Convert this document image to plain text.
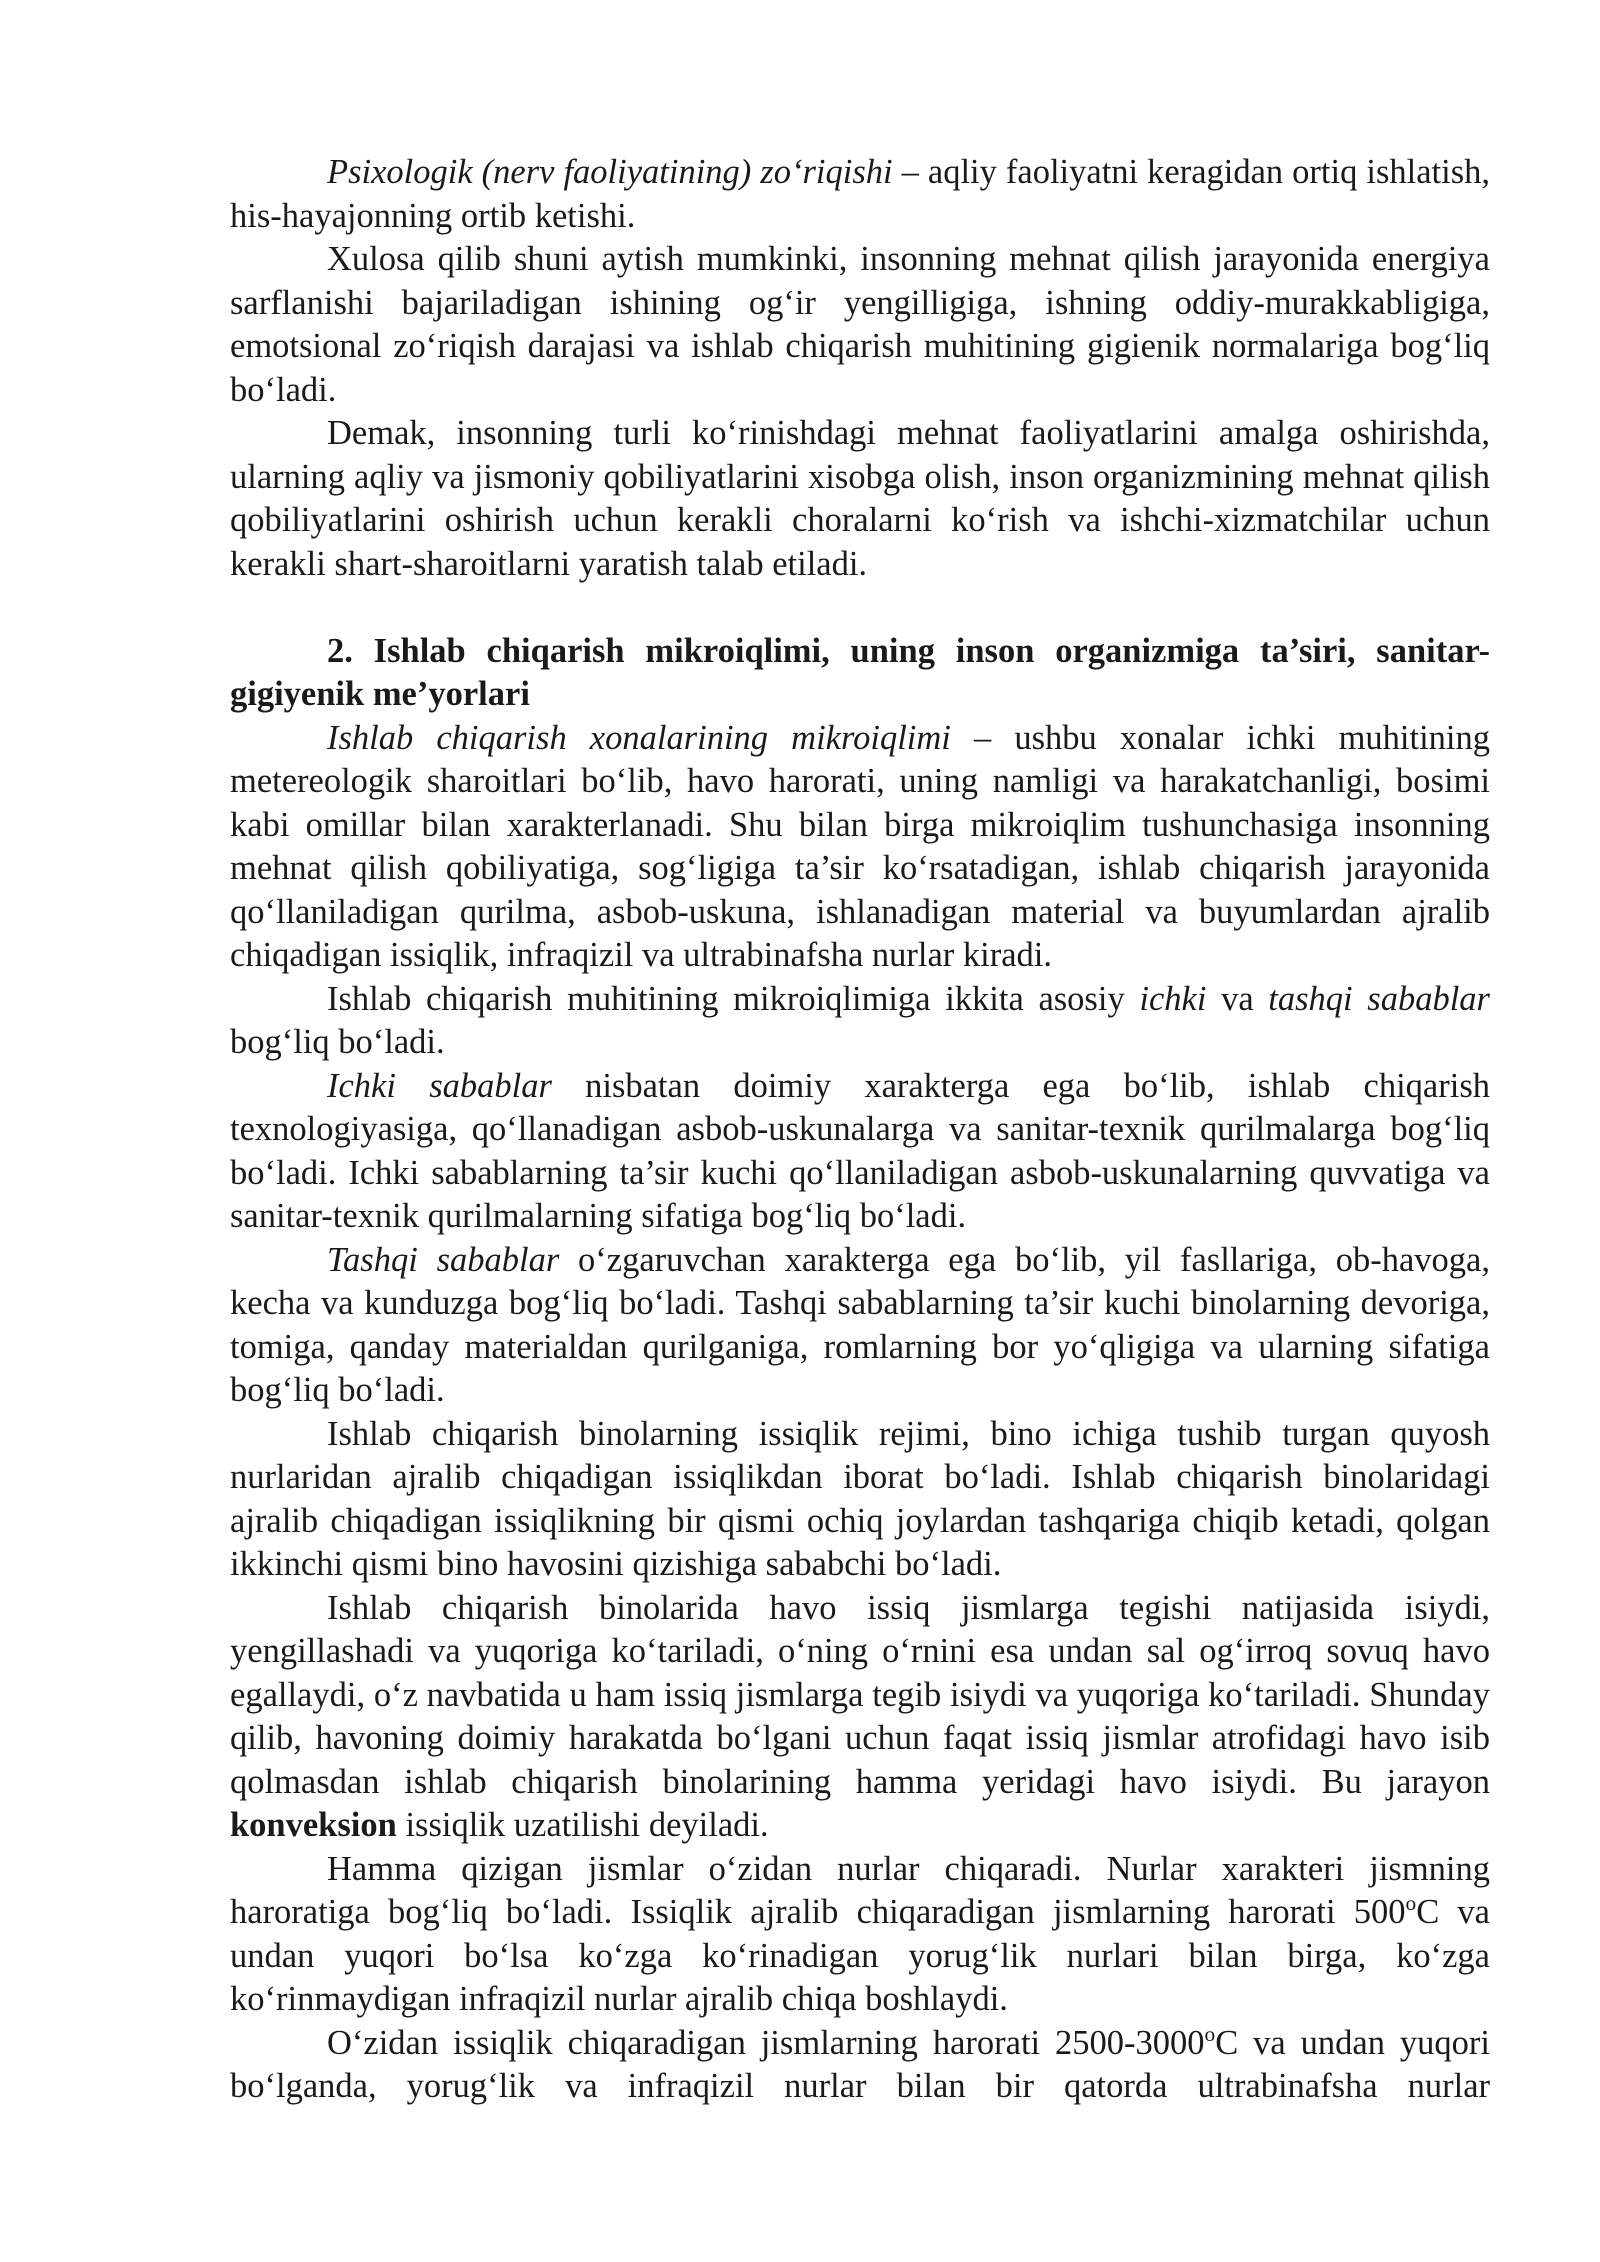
Psixologik (nerv faoliyatining) zo‘riqishi – aqliy faoliyatni keragidan ortiq ishlatish, his-hayajonning ortib ketishi.

Xulosa qilib shuni aytish mumkinki, insonning mehnat qilish jarayonida energiya sarflanishi bajariladigan ishining og‘ir yengilligiga, ishning oddiy-murakkabligiga, emotsional zo‘riqish darajasi va ishlab chiqarish muhitining gigienik normalariga bog‘liq bo‘ladi.

Demak, insonning turli ko‘rinishdagi mehnat faoliyatlarini amalga oshirishda, ularning aqliy va jismoniy qobiliyatlarini xisobga olish, inson organizmining mehnat qilish qobiliyatlarini oshirish uchun kerakli choralarni ko‘rish va ishchi-xizmatchilar uchun kerakli shart-sharoitlarni yaratish talab etiladi.

2. Ishlab chiqarish mikroiqlimi, uning inson organizmiga ta’siri, sanitar-gigiyenik me’yorlari

Ishlab chiqarish xonalarining mikroiqlimi – ushbu xonalar ichki muhitining metereologik sharoitlari bo‘lib, havo harorati, uning namligi va harakatchanligi, bosimi kabi omillar bilan xarakterlanadi. Shu bilan birga mikroiqlim tushunchasiga insonning mehnat qilish qobiliyatiga, sog‘ligiga ta’sir ko‘rsatadigan, ishlab chiqarish jarayonida qo‘llaniladigan qurilma, asbob-uskuna, ishlanadigan material va buyumlardan ajralib chiqadigan issiqlik, infraqizil va ultrabinafsha nurlar kiradi.

Ishlab chiqarish muhitining mikroiqlimiga ikkita asosiy ichki va tashqi sabablar bog‘liq bo‘ladi.

Ichki sabablar nisbatan doimiy xarakterga ega bo‘lib, ishlab chiqarish texnologiyasiga, qo‘llanadigan asbob-uskunalarga va sanitar-texnik qurilmalarga bog‘liq bo‘ladi. Ichki sabablarning ta’sir kuchi qo‘llaniladigan asbob-uskunalarning quvvatiga va sanitar-texnik qurilmalarning sifatiga bog‘liq bo‘ladi.

Tashqi sabablar o‘zgaruvchan xarakterga ega bo‘lib, yil fasllariga, ob-havoga, kecha va kunduzga bog‘liq bo‘ladi. Tashqi sabablarning ta’sir kuchi binolarning devoriga, tomiga, qanday materialdan qurilganiga, romlarning bor yo‘qligiga va ularning sifatiga bog‘liq bo‘ladi.

Ishlab chiqarish binolarning issiqlik rejimi, bino ichiga tushib turgan quyosh nurlaridan ajralib chiqadigan issiqlikdan iborat bo‘ladi. Ishlab chiqarish binolaridagi ajralib chiqadigan issiqlikning bir qismi ochiq joylardan tashqariga chiqib ketadi, qolgan ikkinchi qismi bino havosini qizishiga sababchi bo‘ladi.

Ishlab chiqarish binolarida havo issiq jismlarga tegishi natijasida isiydi, yengillashadi va yuqoriga ko‘tariladi, o‘ning o‘rnini esa undan sal og‘irroq sovuq havo egallaydi, o‘z navbatida u ham issiq jismlarga tegib isiydi va yuqoriga ko‘tariladi. Shunday qilib, havoning doimiy harakatda bo‘lgani uchun faqat issiq jismlar atrofidagi havo isib qolmasdan ishlab chiqarish binolarining hamma yeridagi havo isiydi. Bu jarayon konveksion issiqlik uzatilishi deyiladi.

Hamma qizigan jismlar o‘zidan nurlar chiqaradi. Nurlar xarakteri jismning haroratiga bog‘liq bo‘ladi. Issiqlik ajralib chiqaradigan jismlarning harorati 500$^o$C va undan yuqori bo‘lsa ko‘zga ko‘rinadigan yorug‘lik nurlari bilan birga, ko‘zga ko‘rinmaydigan infraqizil nurlar ajralib chiqa boshlaydi.

O‘zidan issiqlik chiqaradigan jismlarning harorati 2500-3000$^o$C va undan yuqori bo‘lganda, yorug‘lik va infraqizil nurlar bilan bir qatorda ultrabinafsha nurlar
